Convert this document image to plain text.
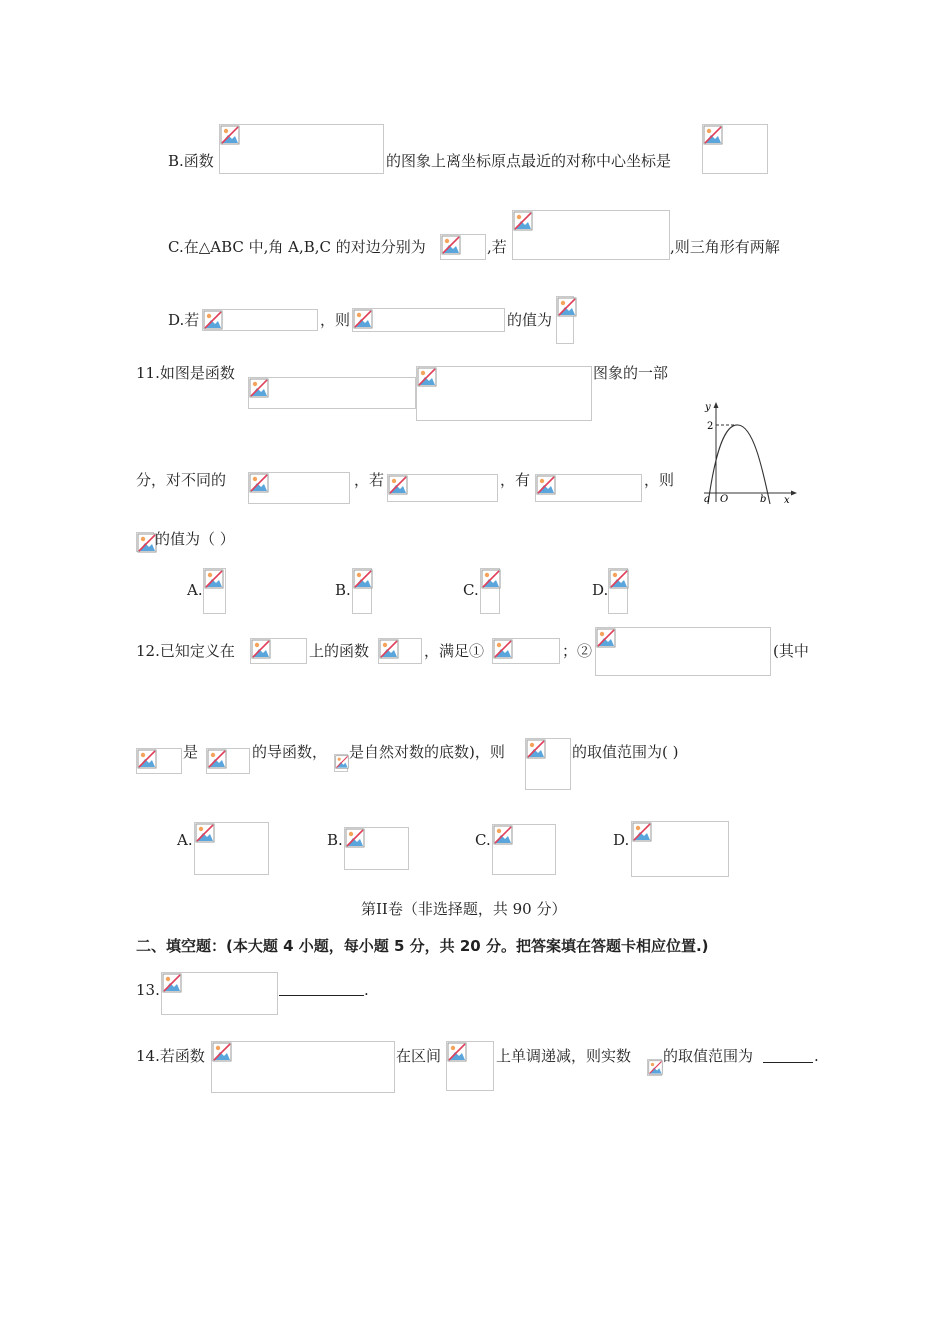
B.函数	的图象上离坐标原点最近的对称中心坐标是
C.在△ABC 中,角 A,B,C 的对边分别为	,若	,则三角形有两解
D.若	，则	的值为
11.如图是函数	图象的一部
分，对不同的	，若	，有	，则
y
2
a O	b x
的值为（ ）
A.	B.	C.	D.
12.已知定义在	上的函数	，满足①	；②	(其中
是	的导函数， 是自然对数的底数)，则	的取值范围为( )
A.	B.	C.	D.
第II卷（非选择题，共 90 分）
二、填空题：(本大题 4 小题，每小题 5 分，共 20 分。把答案填在答题卡相应位置.)
13.	.
14.若函数	在区间	上单调递减，则实数 的取值范围为	.
